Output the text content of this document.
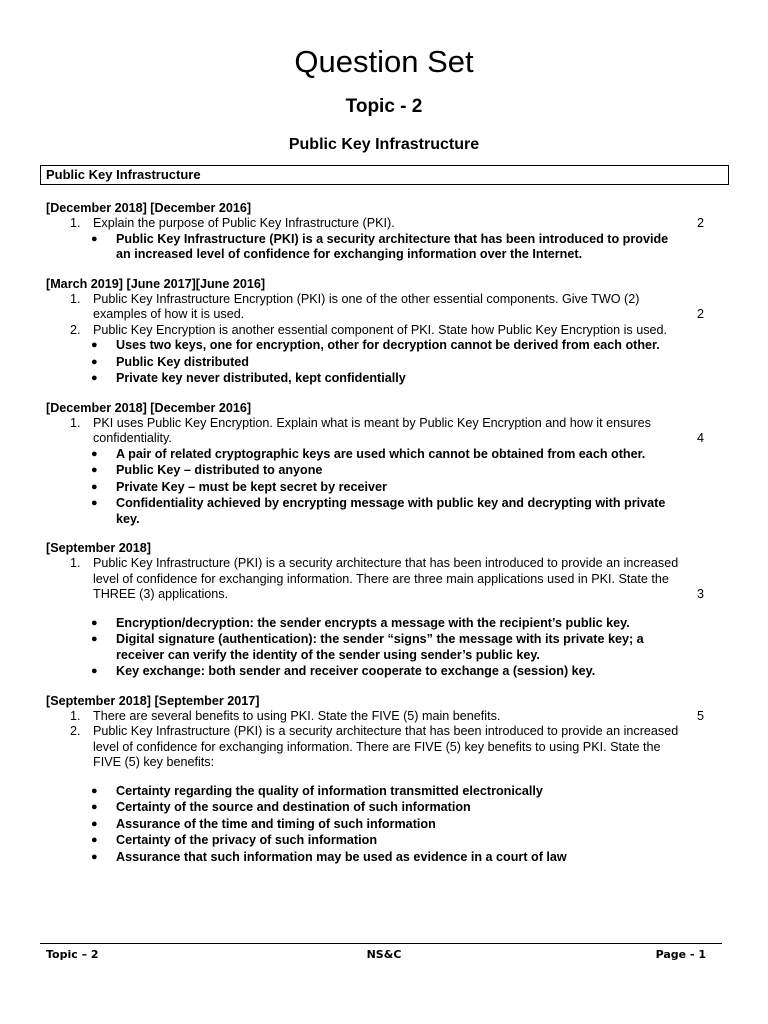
Question Set
Topic - 2
Public Key Infrastructure
Public Key Infrastructure
[December 2018] [December 2016]
1. Explain the purpose of Public Key Infrastructure (PKI).	2
● Public Key Infrastructure (PKI) is a security architecture that has been introduced to provide an increased level of confidence for exchanging information over the Internet.
[March 2019] [June 2017][June 2016]
1. Public Key Infrastructure Encryption (PKI) is one of the other essential components. Give TWO (2) examples of how it is used.	2
2. Public Key Encryption is another essential component of PKI. State how Public Key Encryption is used.
● Uses two keys, one for encryption, other for decryption cannot be derived from each other.
● Public Key distributed
● Private key never distributed, kept confidentially
[December 2018] [December 2016]
1. PKI uses Public Key Encryption. Explain what is meant by Public Key Encryption and how it ensures confidentiality.	4
● A pair of related cryptographic keys are used which cannot be obtained from each other.
● Public Key – distributed to anyone
● Private Key – must be kept secret by receiver
● Confidentiality achieved by encrypting message with public key and decrypting with private key.
[September 2018]
1. Public Key Infrastructure (PKI) is a security architecture that has been introduced to provide an increased level of confidence for exchanging information. There are three main applications used in PKI. State the THREE (3) applications.	3
● Encryption/decryption: the sender encrypts a message with the recipient’s public key.
● Digital signature (authentication): the sender “signs” the message with its private key; a receiver can verify the identity of the sender using sender’s public key.
● Key exchange: both sender and receiver cooperate to exchange a (session) key.
[September 2018] [September 2017]
1. There are several benefits to using PKI. State the FIVE (5) main benefits.	5
2. Public Key Infrastructure (PKI) is a security architecture that has been introduced to provide an increased level of confidence for exchanging information. There are FIVE (5) key benefits to using PKI. State the FIVE (5) key benefits:
● Certainty regarding the quality of information transmitted electronically
● Certainty of the source and destination of such information
● Assurance of the time and timing of such information
● Certainty of the privacy of such information
● Assurance that such information may be used as evidence in a court of law
Topic – 2	NS&C	Page - 1
